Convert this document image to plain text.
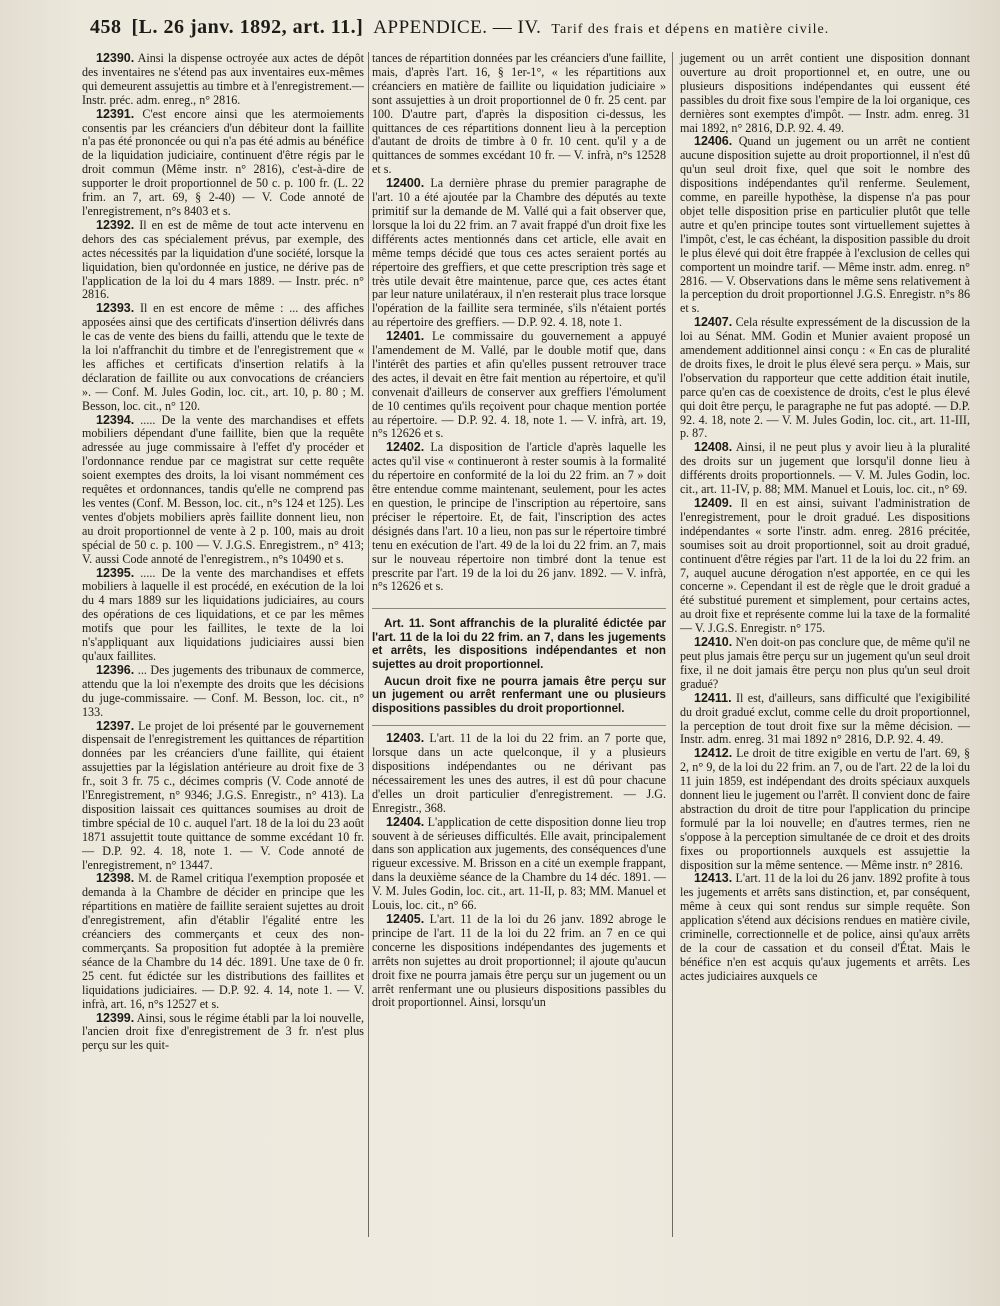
458 [L. 26 janv. 1892, art. 11.] APPENDICE. — IV. Tarif des frais et dépens en matière civile.

12390. Ainsi la dispense octroyée aux actes de dépôt des inventaires ne s'étend pas aux inventaires eux-mêmes qui demeurent assujettis au timbre et à l'enregistrement.— Instr. préc. adm. enreg., n° 2816.

12391. C'est encore ainsi que les atermoiements consentis par les créanciers d'un débiteur dont la faillite n'a pas été prononcée ou qui n'a pas été admis au bénéfice de la liquidation judiciaire, continuent d'être régis par le droit commun (Même instr. n° 2816), c'est-à-dire de supporter le droit proportionnel de 50 c. p. 100 fr. (L. 22 frim. an 7, art. 69, § 2-40) — V. Code annoté de l'enregistrement, n°s 8403 et s.

12392. Il en est de même de tout acte intervenu en dehors des cas spécialement prévus, par exemple, des actes nécessités par la liquidation d'une société, lorsque la liquidation, bien qu'ordonnée en justice, ne dérive pas de l'application de la loi du 4 mars 1889. — Instr. préc. n° 2816.

12393. Il en est encore de même : ... des affiches apposées ainsi que des certificats d'insertion délivrés dans le cas de vente des biens du failli, attendu que le texte de la loi n'affranchit du timbre et de l'enregistrement que « les affiches et certificats d'insertion relatifs à la déclaration de faillite ou aux convocations de créanciers ». — Conf. M. Jules Godin, loc. cit., art. 10, p. 80 ; M. Besson, loc. cit., n° 120.

12394. ..... De la vente des marchandises et effets mobiliers dépendant d'une faillite, bien que la requête adressée au juge commissaire à l'effet d'y procéder et l'ordonnance rendue par ce magistrat sur cette requête soient exemptes des droits, la loi visant nommément ces requêtes et ordonnances, tandis qu'elle ne comprend pas les ventes (Conf. M. Besson, loc. cit., n°s 124 et 125). Les ventes d'objets mobiliers après faillite donnent lieu, non au droit proportionnel de vente à 2 p. 100, mais au droit spécial de 50 c. p. 100 — V. J.G.S. Enregistrem., n° 413; V. aussi Code annoté de l'enregistrem., n°s 10490 et s.

12395. ..... De la vente des marchandises et effets mobiliers à laquelle il est procédé, en exécution de la loi du 4 mars 1889 sur les liquidations judiciaires, au cours des opérations de ces liquidations, et ce par les mêmes motifs que pour les faillites, le texte de la loi n's'appliquant aux liquidations judiciaires aussi bien qu'aux faillites.

12396. ... Des jugements des tribunaux de commerce, attendu que la loi n'exempte des droits que les décisions du juge-commissaire. — Conf. M. Besson, loc. cit., n° 133.

12397. Le projet de loi présenté par le gouvernement dispensait de l'enregistrement les quittances de répartition données par les créanciers d'une faillite, qui étaient assujetties par la législation antérieure au droit fixe de 3 fr., soit 3 fr. 75 c., décimes compris (V. Code annoté de l'Enregistrement, n° 9346; J.G.S. Enregistr., n° 413). La disposition laissait ces quittances soumises au droit de timbre spécial de 10 c. auquel l'art. 18 de la loi du 23 août 1871 assujettit toute quittance de somme excédant 10 fr. — D.P. 92. 4. 18, note 1. — V. Code annoté de l'enregistrement, n° 13447.

12398. M. de Ramel critiqua l'exemption proposée et demanda à la Chambre de décider en principe que les répartitions en matière de faillite seraient sujettes au droit d'enregistrement, afin d'établir l'égalité entre les créanciers des commerçants et ceux des non-commerçants. Sa proposition fut adoptée à la première séance de la Chambre du 14 déc. 1891. Une taxe de 0 fr. 25 cent. fut édictée sur les distributions des faillites et liquidations judiciaires. — D.P. 92. 4. 14, note 1. — V. infrà, art. 16, n°s 12527 et s.

12399. Ainsi, sous le régime établi par la loi nouvelle, l'ancien droit fixe d'enregistrement de 3 fr. n'est plus perçu sur les quit-

tances de répartition données par les créanciers d'une faillite, mais, d'après l'art. 16, § 1er-1°, « les répartitions aux créanciers en matière de faillite ou liquidation judiciaire » sont assujetties à un droit proportionnel de 0 fr. 25 cent. par 100. D'autre part, d'après la disposition ci-dessus, les quittances de ces répartitions donnent lieu à la perception d'autant de droits de timbre à 0 fr. 10 cent. qu'il y a de quittances de sommes excédant 10 fr. — V. infrà, n°s 12528 et s.

12400. La dernière phrase du premier paragraphe de l'art. 10 a été ajoutée par la Chambre des députés au texte primitif sur la demande de M. Vallé qui a fait observer que, lorsque la loi du 22 frim. an 7 avait frappé d'un droit fixe les différents actes mentionnés dans cet article, elle avait en même temps décidé que tous ces actes seraient portés au répertoire des greffiers, et que cette prescription très sage et très utile devait être maintenue, parce que, ces actes étant par leur nature unilatéraux, il n'en resterait plus trace lorsque l'opération de la faillite sera terminée, s'ils n'étaient portés au répertoire des greffiers. — D.P. 92. 4. 18, note 1.

12401. Le commissaire du gouvernement a appuyé l'amendement de M. Vallé, par le double motif que, dans l'intérêt des parties et afin qu'elles pussent retrouver trace des actes, il devait en être fait mention au répertoire, et qu'il convenait d'ailleurs de conserver aux greffiers l'émolument de 10 centimes qu'ils reçoivent pour chaque mention portée au répertoire. — D.P. 92. 4. 18, note 1. — V. infrà, art. 19, n°s 12626 et s.

12402. La disposition de l'article d'après laquelle les actes qu'il vise « continueront à rester soumis à la formalité du répertoire en conformité de la loi du 22 frim. an 7 » doit être entendue comme maintenant, seulement, pour les actes en question, le principe de l'inscription au répertoire, sans préciser le répertoire. Et, de fait, l'inscription des actes désignés dans l'art. 10 a lieu, non pas sur le répertoire timbré tenu en exécution de l'art. 49 de la loi du 22 frim. an 7, mais sur le nouveau répertoire non timbré dont la tenue est prescrite par l'art. 19 de la loi du 26 janv. 1892. — V. infrà, n°s 12626 et s.

Art. 11. Sont affranchis de la pluralité édictée par l'art. 11 de la loi du 22 frim. an 7, dans les jugements et arrêts, les dispositions indépendantes et non sujettes au droit proportionnel.

Aucun droit fixe ne pourra jamais être perçu sur un jugement ou arrêt renfermant une ou plusieurs dispositions passibles du droit proportionnel.

12403. L'art. 11 de la loi du 22 frim. an 7 porte que, lorsque dans un acte quelconque, il y a plusieurs dispositions indépendantes ou ne dérivant pas nécessairement les unes des autres, il est dû pour chacune d'elles un droit particulier d'enregistrement. — J.G. Enregistr., 368.

12404. L'application de cette disposition donne lieu trop souvent à de sérieuses difficultés. Elle avait, principalement dans son application aux jugements, des conséquences d'une rigueur excessive. M. Brisson en a cité un exemple frappant, dans la deuxième séance de la Chambre du 14 déc. 1891. — V. M. Jules Godin, loc. cit., art. 11-II, p. 83; MM. Manuel et Louis, loc. cit., n° 66.

12405. L'art. 11 de la loi du 26 janv. 1892 abroge le principe de l'art. 11 de la loi du 22 frim. an 7 en ce qui concerne les dispositions indépendantes des jugements et arrêts non sujettes au droit proportionnel; il ajoute qu'aucun droit fixe ne pourra jamais être perçu sur un jugement ou un arrêt renfermant une ou plusieurs dispositions passibles du droit proportionnel. Ainsi, lorsqu'un

jugement ou un arrêt contient une disposition donnant ouverture au droit proportionnel et, en outre, une ou plusieurs dispositions indépendantes qui eussent été passibles du droit fixe sous l'empire de la loi organique, ces dernières sont exemptes d'impôt. — Instr. adm. enreg. 31 mai 1892, n° 2816, D.P. 92. 4. 49.

12406. Quand un jugement ou un arrêt ne contient aucune disposition sujette au droit proportionnel, il n'est dû qu'un seul droit fixe, quel que soit le nombre des dispositions indépendantes qu'il renferme. Seulement, comme, en pareille hypothèse, la dispense n'a pas pour objet telle disposition prise en particulier plutôt que telle autre et qu'en principe toutes sont virtuellement sujettes à l'impôt, c'est, le cas échéant, la disposition passible du droit le plus élevé qui doit être frappée à l'exclusion de celles qui comportent un moindre tarif. — Même instr. adm. enreg. n° 2816. — V. Observations dans le même sens relativement à la perception du droit proportionnel J.G.S. Enregistr. n°s 86 et s.

12407. Cela résulte expressément de la discussion de la loi au Sénat. MM. Godin et Munier avaient proposé un amendement additionnel ainsi conçu : « En cas de pluralité de droits fixes, le droit le plus élevé sera perçu. » Mais, sur l'observation du rapporteur que cette addition était inutile, parce qu'en cas de coexistence de droits, c'est le plus élevé qui doit être perçu, le paragraphe ne fut pas adopté. — D.P. 92. 4. 18, note 2. — V. M. Jules Godin, loc. cit., art. 11-III, p. 87.

12408. Ainsi, il ne peut plus y avoir lieu à la pluralité des droits sur un jugement que lorsqu'il donne lieu à différents droits proportionnels. — V. M. Jules Godin, loc. cit., art. 11-IV, p. 88; MM. Manuel et Louis, loc. cit., n° 69.

12409. Il en est ainsi, suivant l'administration de l'enregistrement, pour le droit gradué. Les dispositions indépendantes « sorte l'instr. adm. enreg. 2816 précitée, soumises soit au droit proportionnel, soit au droit gradué, continuent d'être régies par l'art. 11 de la loi du 22 frim. an 7, auquel aucune dérogation n'est apportée, en ce qui les concerne ». Cependant il est de règle que le droit gradué a été substitué purement et simplement, pour certains actes, au droit fixe et représente comme lui la taxe de la formalité — V. J.G.S. Enregistr. n° 175.

12410. N'en doit-on pas conclure que, de même qu'il ne peut plus jamais être perçu sur un jugement qu'un seul droit fixe, il ne doit jamais être perçu non plus qu'un seul droit gradué?

12411. Il est, d'ailleurs, sans difficulté que l'exigibilité du droit gradué exclut, comme celle du droit proportionnel, la perception de tout droit fixe sur la même décision. — Instr. adm. enreg. 31 mai 1892 n° 2816, D.P. 92. 4. 49.

12412. Le droit de titre exigible en vertu de l'art. 69, § 2, n° 9, de la loi du 22 frim. an 7, ou de l'art. 22 de la loi du 11 juin 1859, est indépendant des droits spéciaux auxquels donnent lieu le jugement ou l'arrêt. Il convient donc de faire abstraction du droit de titre pour l'application du principe formulé par la loi nouvelle; en d'autres termes, rien ne s'oppose à la perception simultanée de ce droit et des droits fixes ou proportionnels auxquels est assujettie la disposition sur la même sentence. — Même instr. n° 2816.

12413. L'art. 11 de la loi du 26 janv. 1892 profite à tous les jugements et arrêts sans distinction, et, par conséquent, même à ceux qui sont rendus sur simple requête. Son application s'étend aux décisions rendues en matière civile, criminelle, correctionnelle et de police, ainsi qu'aux arrêts de la cour de cassation et du conseil d'État. Mais le bénéfice n'en est acquis qu'aux jugements et arrêts. Les actes judiciaires auxquels ce
